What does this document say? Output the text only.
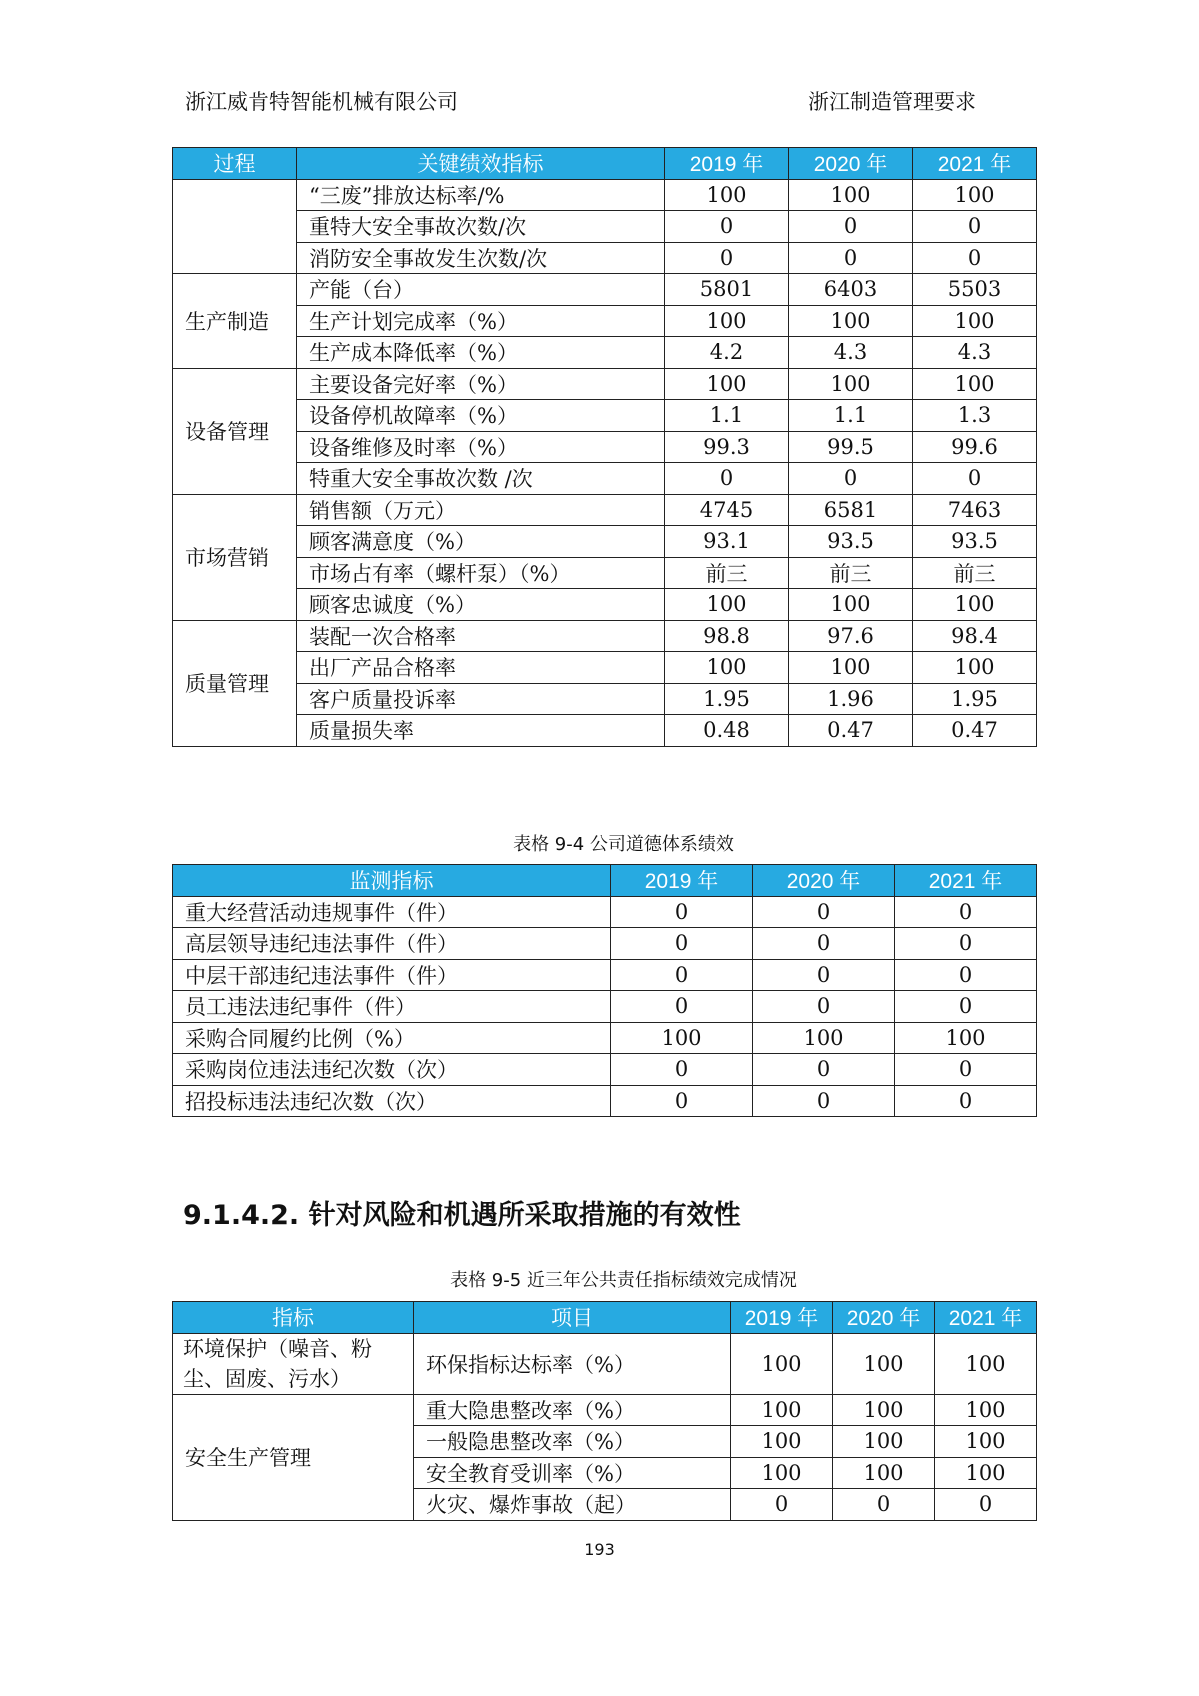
浙江威肯特智能机械有限公司	浙江制造管理要求
过程	关键绩效指标	2019 年	2020 年	2021 年
	“三废”排放达标率/%	100	100	100
	重特大安全事故次数/次	0	0	0
	消防安全事故发生次数/次	0	0	0
生产制造	产能（台）	5801	6403	5503
	生产计划完成率（%）	100	100	100
	生产成本降低率（%）	4.2	4.3	4.3
设备管理	主要设备完好率（%）	100	100	100
	设备停机故障率（%）	1.1	1.1	1.3
	设备维修及时率（%）	99.3	99.5	99.6
	特重大安全事故次数 /次	0	0	0
市场营销	销售额（万元）	4745	6581	7463
	顾客满意度（%）	93.1	93.5	93.5
	市场占有率（螺杆泵）（%）	前三	前三	前三
	顾客忠诚度（%）	100	100	100
质量管理	装配一次合格率	98.8	97.6	98.4
	出厂产品合格率	100	100	100
	客户质量投诉率	1.95	1.96	1.95
	质量损失率	0.48	0.47	0.47
表格 9-4 公司道德体系绩效
监测指标	2019 年	2020 年	2021 年
重大经营活动违规事件（件）	0	0	0
高层领导违纪违法事件（件）	0	0	0
中层干部违纪违法事件（件）	0	0	0
员工违法违纪事件（件）	0	0	0
采购合同履约比例（%）	100	100	100
采购岗位违法违纪次数（次）	0	0	0
招投标违法违纪次数（次）	0	0	0
9.1.4.2. 针对风险和机遇所采取措施的有效性
表格 9-5 近三年公共责任指标绩效完成情况
指标	项目	2019 年	2020 年	2021 年
环境保护（噪音、粉尘、固废、污水）	环保指标达标率（%）	100	100	100
安全生产管理	重大隐患整改率（%）	100	100	100
	一般隐患整改率（%）	100	100	100
	安全教育受训率（%）	100	100	100
	火灾、爆炸事故（起）	0	0	0
193
